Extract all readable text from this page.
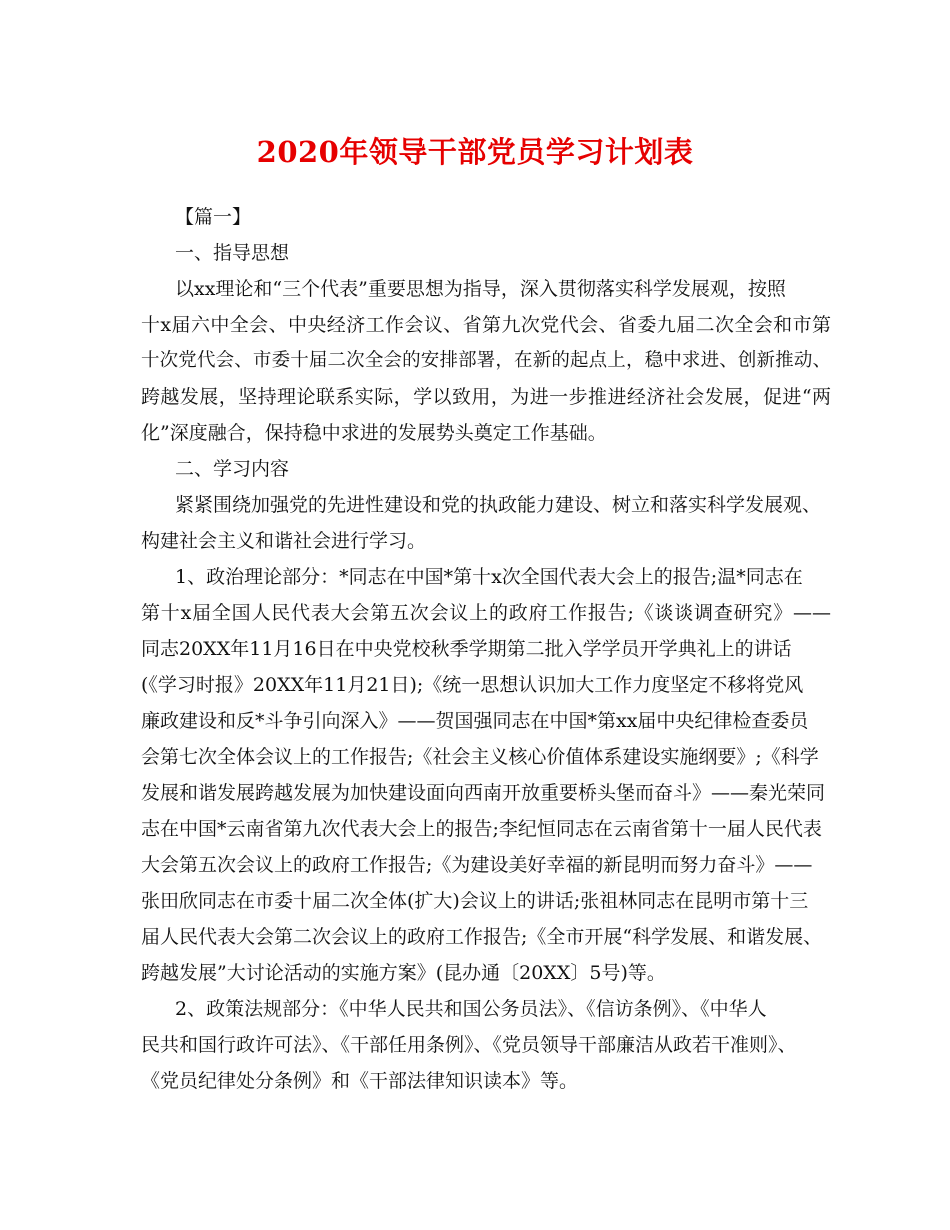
2020年领导干部党员学习计划表
【篇一】
一、指导思想
以xx理论和“三个代表”重要思想为指导，深入贯彻落实科学发展观，按照
十x届六中全会、中央经济工作会议、省第九次党代会、省委九届二次全会和市第
十次党代会、市委十届二次全会的安排部署，在新的起点上，稳中求进、创新推动、
跨越发展，坚持理论联系实际，学以致用，为进一步推进经济社会发展，促进“两
化”深度融合，保持稳中求进的发展势头奠定工作基础。
二、学习内容
紧紧围绕加强党的先进性建设和党的执政能力建设、树立和落实科学发展观、
构建社会主义和谐社会进行学习。
1、政治理论部分：*同志在中国*第十x次全国代表大会上的报告;温*同志在
第十x届全国人民代表大会第五次会议上的政府工作报告;《谈谈调查研究》——
同志20XX年11月16日在中央党校秋季学期第二批入学学员开学典礼上的讲话
(《学习时报》20XX年11月21日);《统一思想认识加大工作力度坚定不移将党风
廉政建设和反*斗争引向深入》——贺国强同志在中国*第xx届中央纪律检查委员
会第七次全体会议上的工作报告;《社会主义核心价值体系建设实施纲要》;《科学
发展和谐发展跨越发展为加快建设面向西南开放重要桥头堡而奋斗》——秦光荣同
志在中国*云南省第九次代表大会上的报告;李纪恒同志在云南省第十一届人民代表
大会第五次会议上的政府工作报告;《为建设美好幸福的新昆明而努力奋斗》——
张田欣同志在市委十届二次全体(扩大)会议上的讲话;张祖林同志在昆明市第十三
届人民代表大会第二次会议上的政府工作报告;《全市开展“科学发展、和谐发展、
跨越发展”大讨论活动的实施方案》(昆办通〔20XX〕5号)等。
2、政策法规部分：《中华人民共和国公务员法》、《信访条例》、《中华人
民共和国行政许可法》、《干部任用条例》、《党员领导干部廉洁从政若干准则》、
《党员纪律处分条例》和《干部法律知识读本》等。
